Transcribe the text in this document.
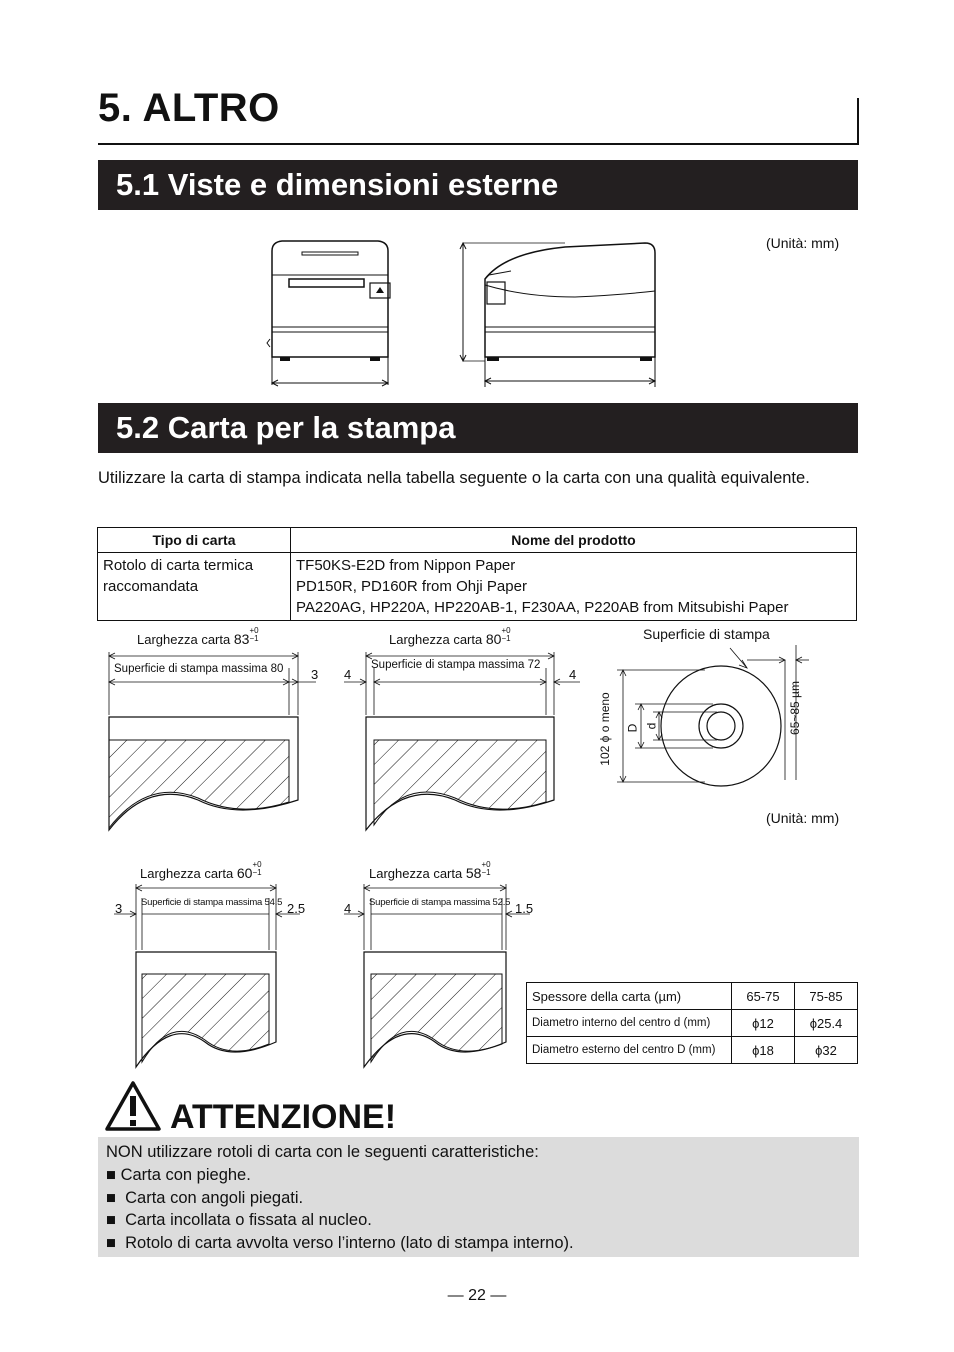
5. ALTRO
5.1 Viste e dimensioni esterne
(Unità: mm)
5.2 Carta per la stampa
Utilizzare la carta di stampa indicata nella tabella seguente o la carta con una qualità equivalente.
Tipo di carta	Nome del prodotto
Rotolo di carta termica
raccomandata	TF50KS-E2D from Nippon Paper
PD150R, PD160R from Ohji Paper
PA220AG, HP220A, HP220AB-1, F230AA, P220AB from Mitsubishi Paper
Larghezza carta 83+0
−1
Superficie di stampa massima 80 3
Larghezza carta 80+0
−1
Superficie di stampa massima 72
4	4
Superficie di stampa
102 ϕ o meno D d	65~85 µm
(Unità: mm)
Larghezza carta 60+0
−1
Superficie di stampa massima 54.5
3	2.5
Larghezza carta 58+0
−1
Superficie di stampa massima 52.5
4	1.5
Spessore della carta (µm)	65-75	75-85
Diametro interno del centro d (mm)	ϕ12	ϕ25.4
Diametro esterno del centro D (mm)	ϕ18	ϕ32
ATTENZIONE!
NON utilizzare rotoli di carta con le seguenti caratteristiche:
■ Carta con pieghe.
■ Carta con angoli piegati.
■ Carta incollata o fissata al nucleo.
■ Rotolo di carta avvolta verso l’interno (lato di stampa interno).
— 22 —
